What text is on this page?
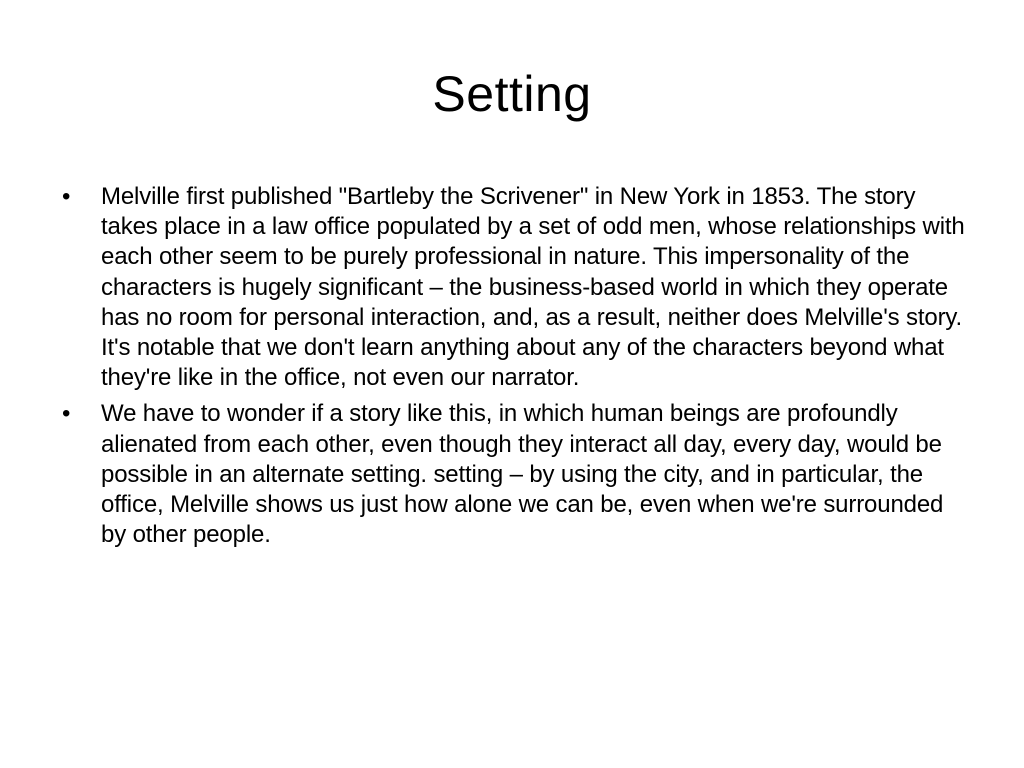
Setting
• Melville first published "Bartleby the Scrivener" in New York in 1853. The story takes place in a law office populated by a set of odd men, whose relationships with each other seem to be purely professional in nature. This impersonality of the characters is hugely significant – the business-based world in which they operate has no room for personal interaction, and, as a result, neither does Melville's story. It's notable that we don't learn anything about any of the characters beyond what they're like in the office, not even our narrator.
• We have to wonder if a story like this, in which human beings are profoundly alienated from each other, even though they interact all day, every day, would be possible in an alternate setting. setting – by using the city, and in particular, the office, Melville shows us just how alone we can be, even when we're surrounded by other people.
